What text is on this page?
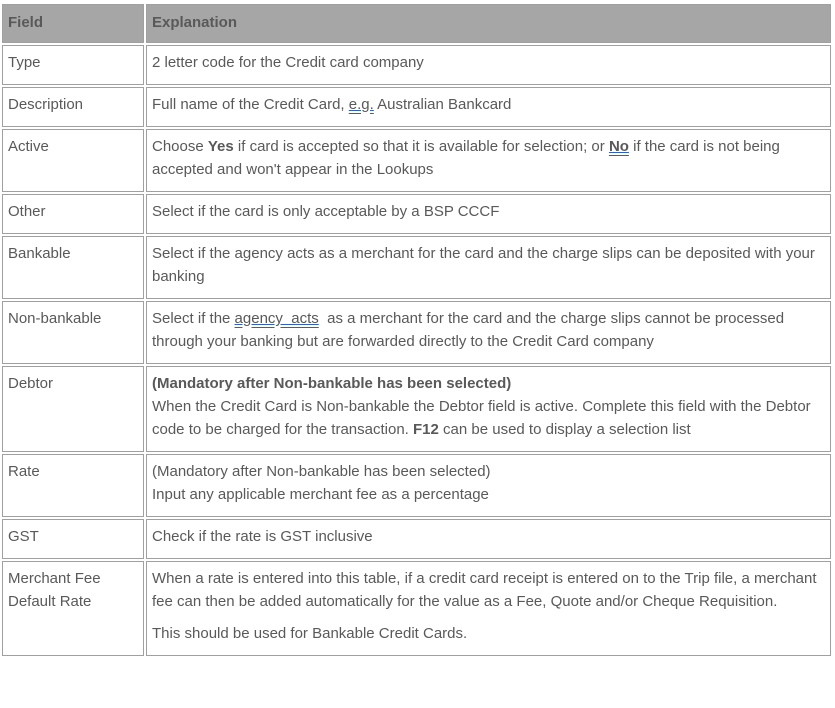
Field	Explanation
Type	2 letter code for the Credit card company
Description	Full name of the Credit Card, e.g. Australian Bankcard
Active	Choose Yes if card is accepted so that it is available for selection; or No if the card is not being accepted and won't appear in the Lookups
Other	Select if the card is only acceptable by a BSP CCCF
Bankable	Select if the agency acts as a merchant for the card and the charge slips can be deposited with your banking
Non-bankable	Select if the agency  acts  as a merchant for the card and the charge slips cannot be processed through your banking but are forwarded directly to the Credit Card company
Debtor	(Mandatory after Non-bankable has been selected)
When the Credit Card is Non-bankable the Debtor field is active. Complete this field with the Debtor code to be charged for the transaction. F12 can be used to display a selection list
Rate	(Mandatory after Non-bankable has been selected)
Input any applicable merchant fee as a percentage
GST	Check if the rate is GST inclusive
Merchant Fee Default Rate	When a rate is entered into this table, if a credit card receipt is entered on to the Trip file, a merchant fee can then be added automatically for the value as a Fee, Quote and/or Cheque Requisition.

This should be used for Bankable Credit Cards.
